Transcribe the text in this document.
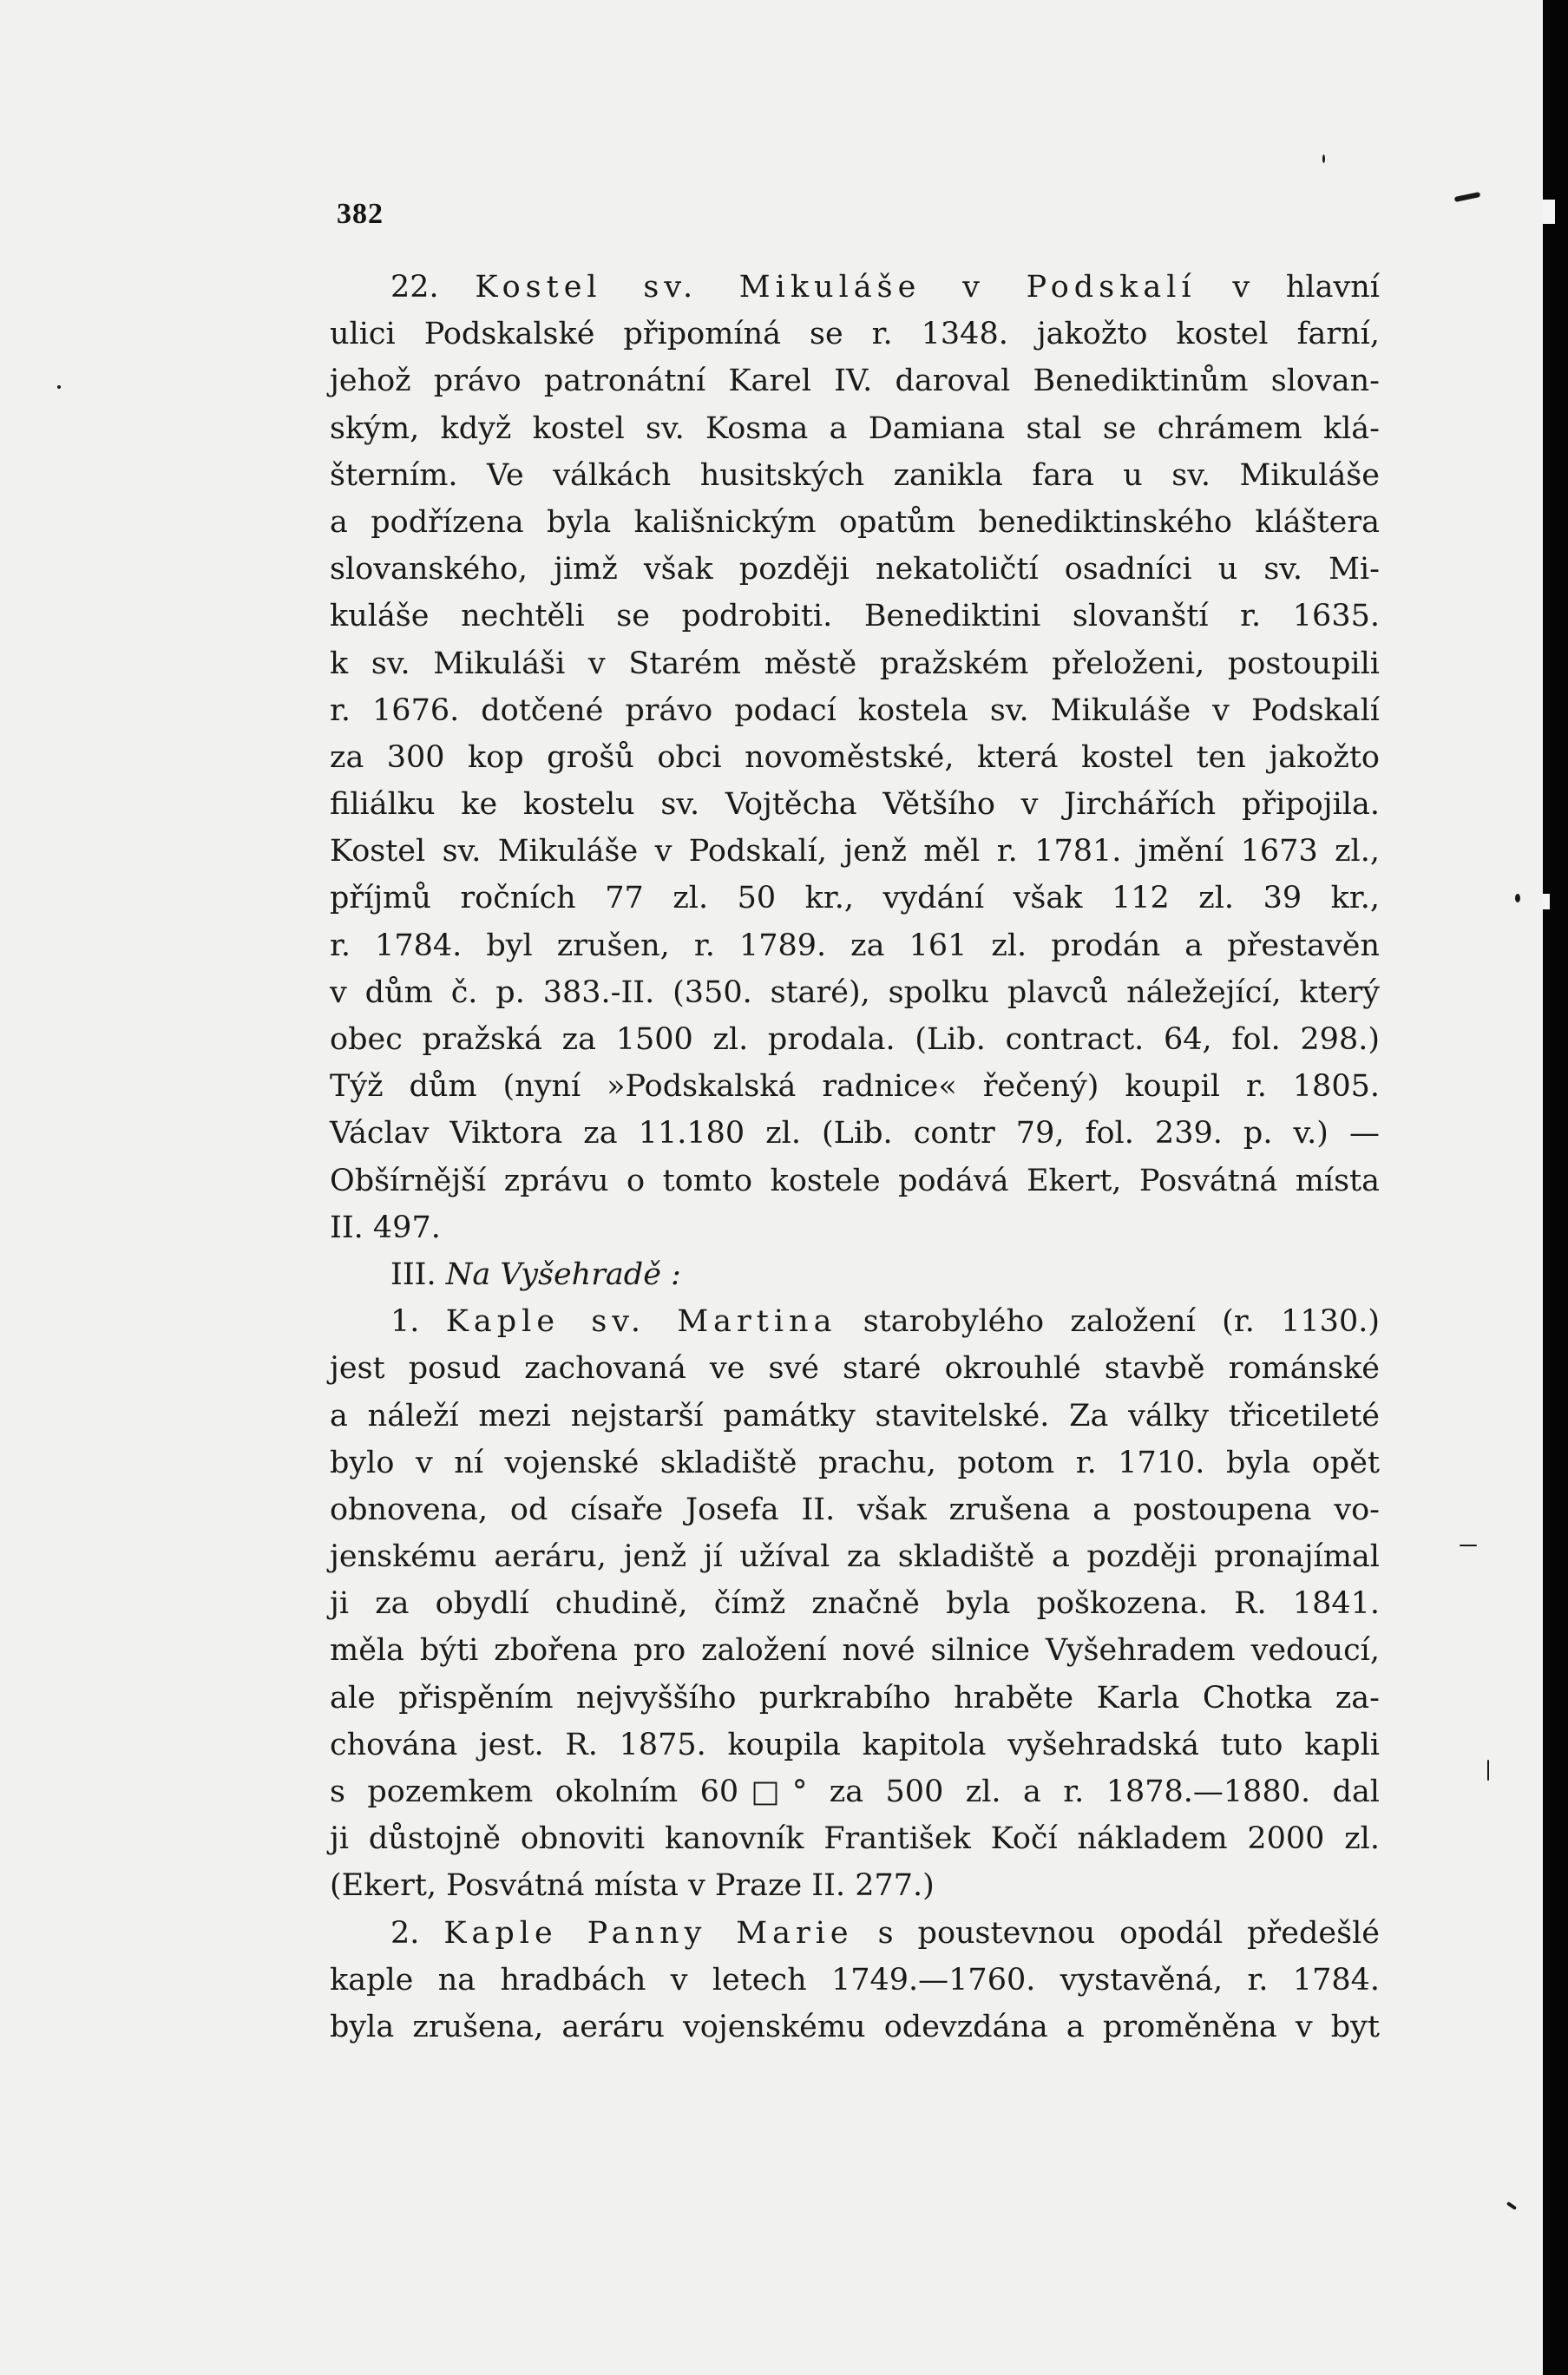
382
22. Kostel sv. Mikuláše v Podskalí v hlavní
ulici Podskalské připomíná se r. 1348. jakožto kostel farní,
jehož právo patronátní Karel IV. daroval Benediktinům slovan-
ským, když kostel sv. Kosma a Damiana stal se chrámem klá-
šterním. Ve válkách husitských zanikla fara u sv. Mikuláše
a podřízena byla kališnickým opatům benediktinského kláštera
slovanského, jimž však později nekatoličtí osadníci u sv. Mi-
kuláše nechtěli se podrobiti. Benediktini slovanští r. 1635.
k sv. Mikuláši v Starém městě pražském přeloženi, postoupili
r. 1676. dotčené právo podací kostela sv. Mikuláše v Podskalí
za 300 kop grošů obci novoměstské, která kostel ten jakožto
filiálku ke kostelu sv. Vojtěcha Většího v Jirchářích připojila.
Kostel sv. Mikuláše v Podskalí, jenž měl r. 1781. jmění 1673 zl.,
příjmů ročních 77 zl. 50 kr., vydání však 112 zl. 39 kr.,
r. 1784. byl zrušen, r. 1789. za 161 zl. prodán a přestavěn
v dům č. p. 383.-II. (350. staré), spolku plavců náležející, který
obec pražská za 1500 zl. prodala. (Lib. contract. 64, fol. 298.)
Týž dům (nyní »Podskalská radnice« řečený) koupil r. 1805.
Václav Viktora za 11.180 zl. (Lib. contr 79, fol. 239. p. v.) —
Obšírnější zprávu o tomto kostele podává Ekert, Posvátná místa
II. 497.
III. Na Vyšehradě :
1. Kaple sv. Martina starobylého založení (r. 1130.)
jest posud zachovaná ve své staré okrouhlé stavbě románské
a náleží mezi nejstarší památky stavitelské. Za války třicetileté
bylo v ní vojenské skladiště prachu, potom r. 1710. byla opět
obnovena, od císaře Josefa II. však zrušena a postoupena vo-
jenskému aeráru, jenž jí užíval za skladiště a později pronajímal
ji za obydlí chudině, čímž značně byla poškozena. R. 1841.
měla býti zbořena pro založení nové silnice Vyšehradem vedoucí,
ale přispěním nejvyššího purkrabího hraběte Karla Chotka za-
chována jest. R. 1875. koupila kapitola vyšehradská tuto kapli
s pozemkem okolním 60□° za 500 zl. a r. 1878.—1880. dal
ji důstojně obnoviti kanovník František Kočí nákladem 2000 zl.
(Ekert, Posvátná místa v Praze II. 277.)
2. Kaple Panny Marie s poustevnou opodál předešlé
kaple na hradbách v letech 1749.—1760. vystavěná, r. 1784.
byla zrušena, aeráru vojenskému odevzdána a proměněna v byt
